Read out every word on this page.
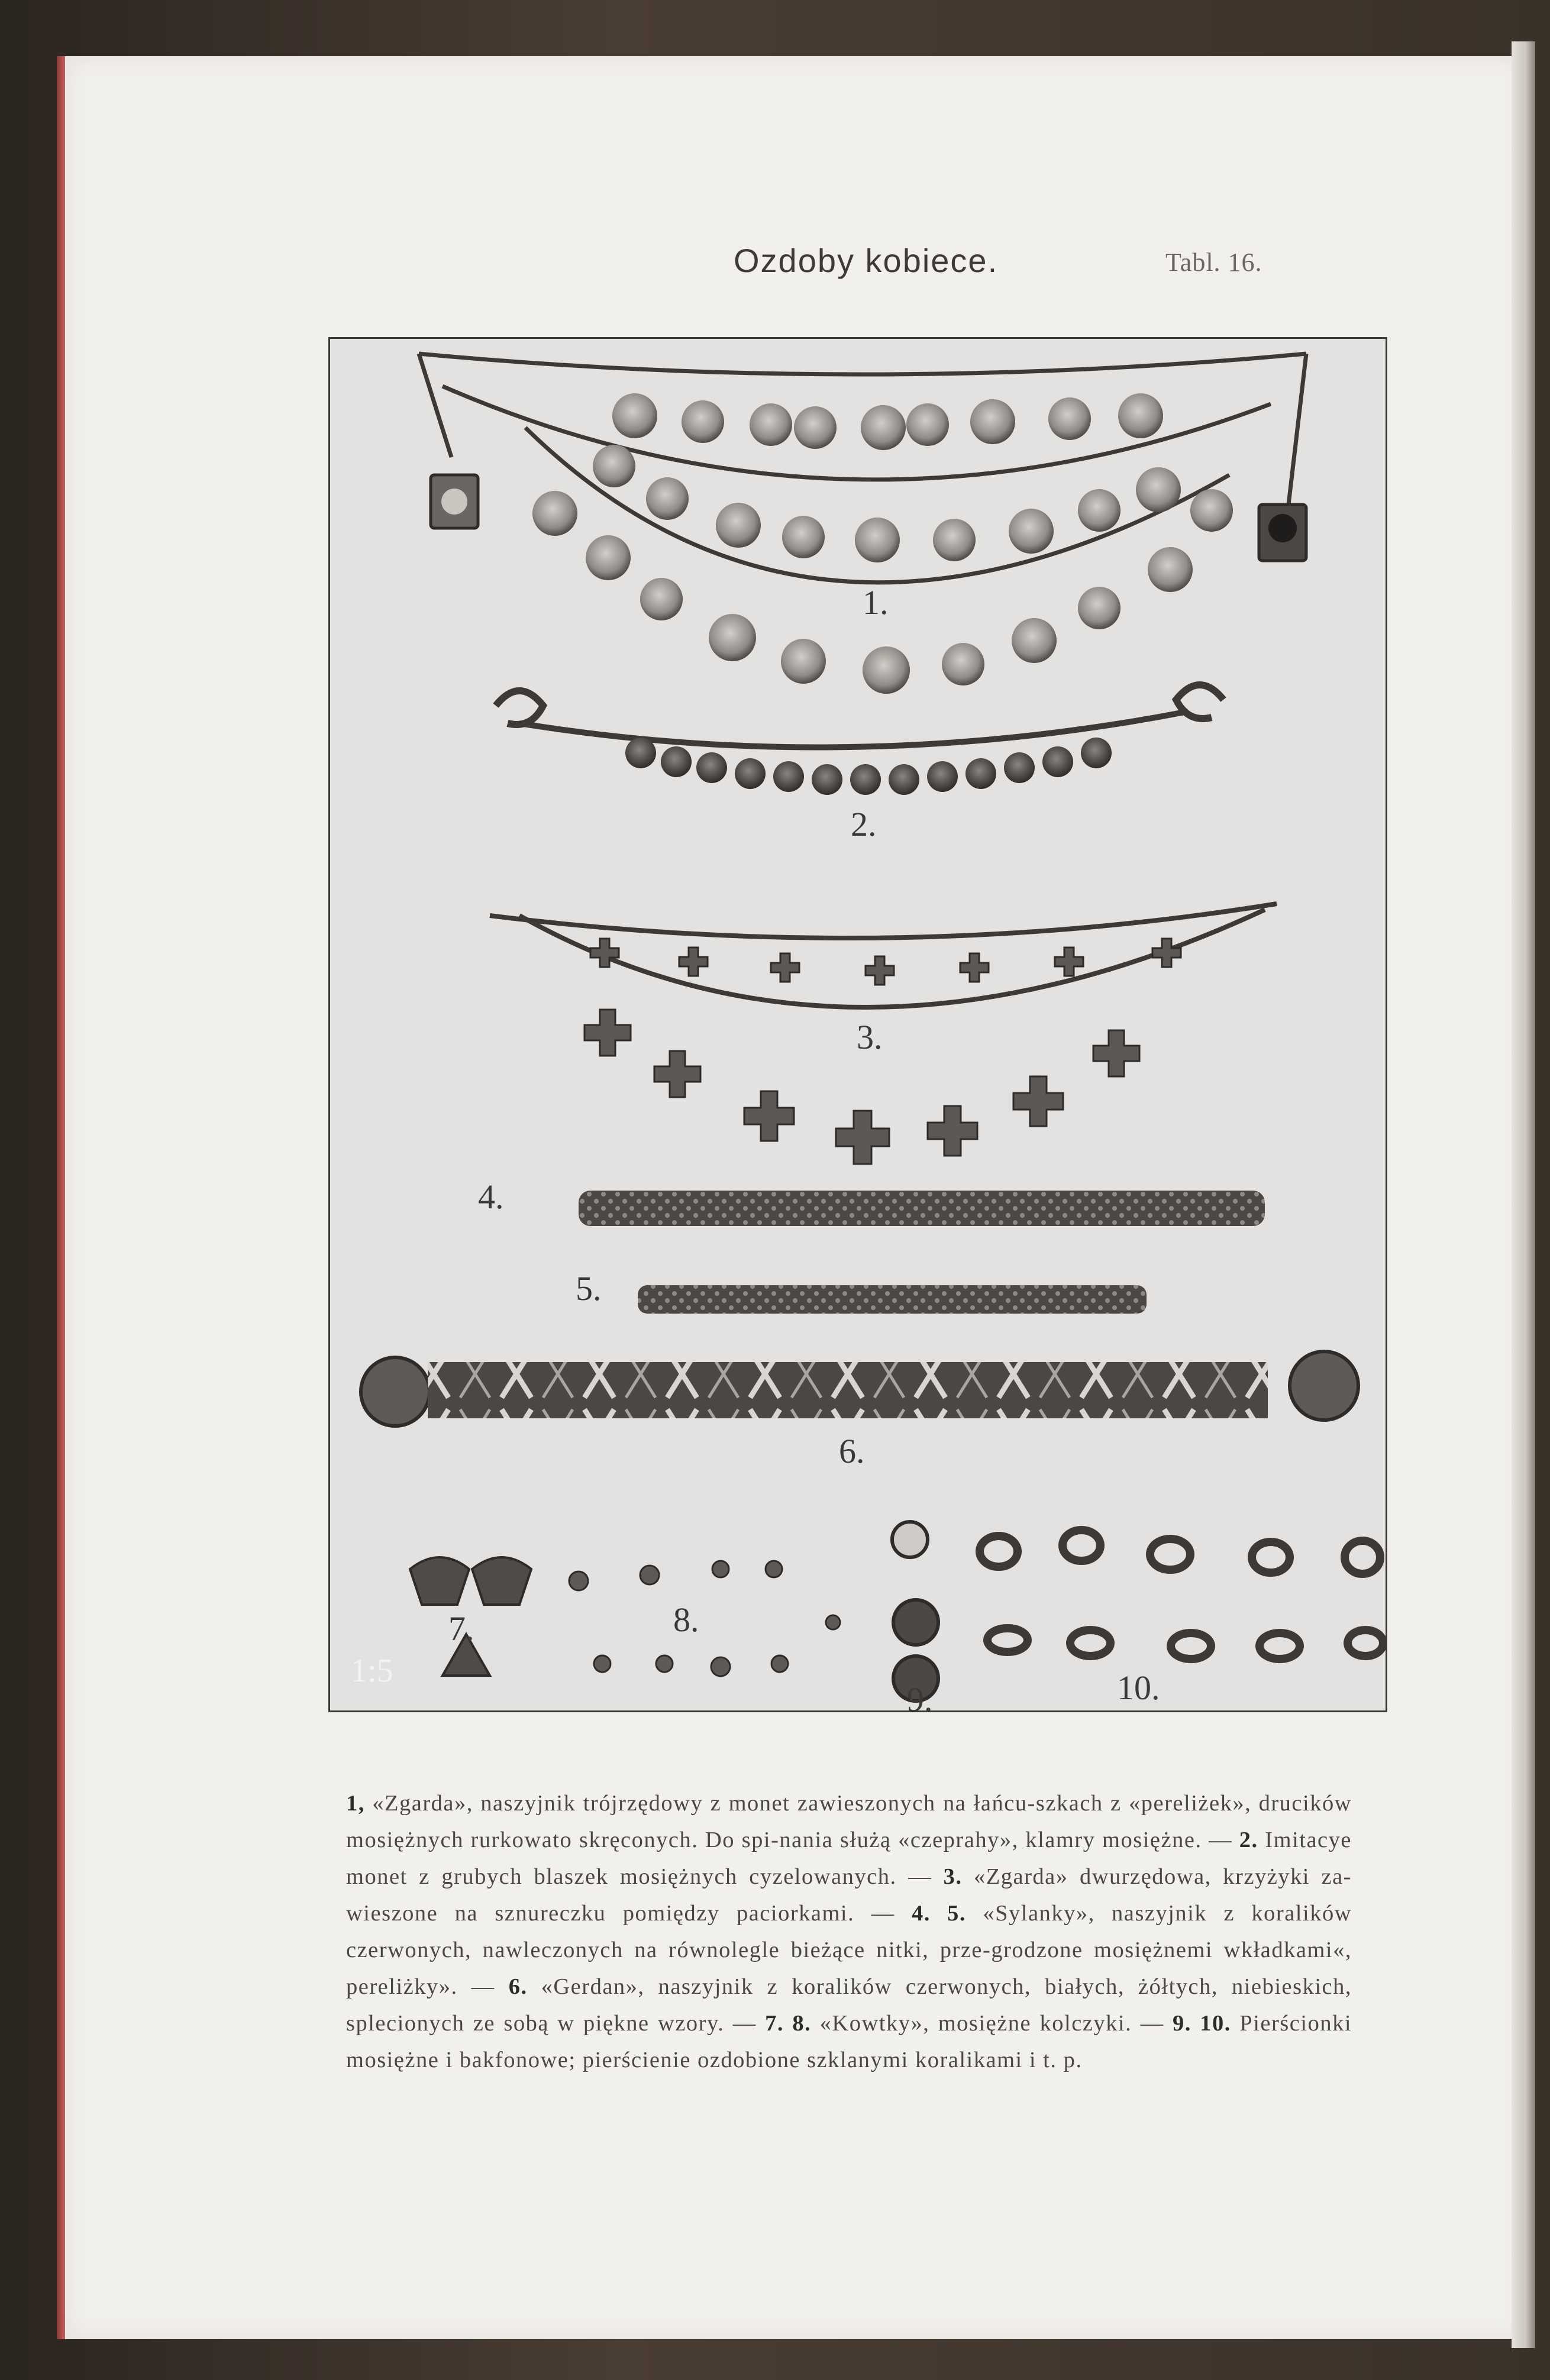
Ozdoby kobiece.	Tabl. 16.
1.
2.
3.
4.
5.
6.
7.
1:5
8.
9.	10.
1, «Zgarda», naszyjnik trójrzędowy z monet zawieszonych na łańcu-szkach z «pereliżek», drucików mosiężnych rurkowato skręconych. Do spi-nania służą «czeprahy», klamry mosiężne. — 2. Imitacye monet z grubych blaszek mosiężnych cyzelowanych. — 3. «Zgarda» dwurzędowa, krzyżyki za-wieszone na sznureczku pomiędzy paciorkami. — 4. 5. «Sylanky», naszyjnik z koralików czerwonych, nawleczonych na równolegle bieżące nitki, prze-grodzone mosiężnemi wkładkami«, pereliżky». — 6. «Gerdan», naszyjnik z koralików czerwonych, białych, żółtych, niebieskich, splecionych ze sobą w piękne wzory. — 7. 8. «Kowtky», mosiężne kolczyki. — 9. 10. Pierścionki mosiężne i bakfonowe; pierścienie ozdobione szklanymi koralikami i t. p.
